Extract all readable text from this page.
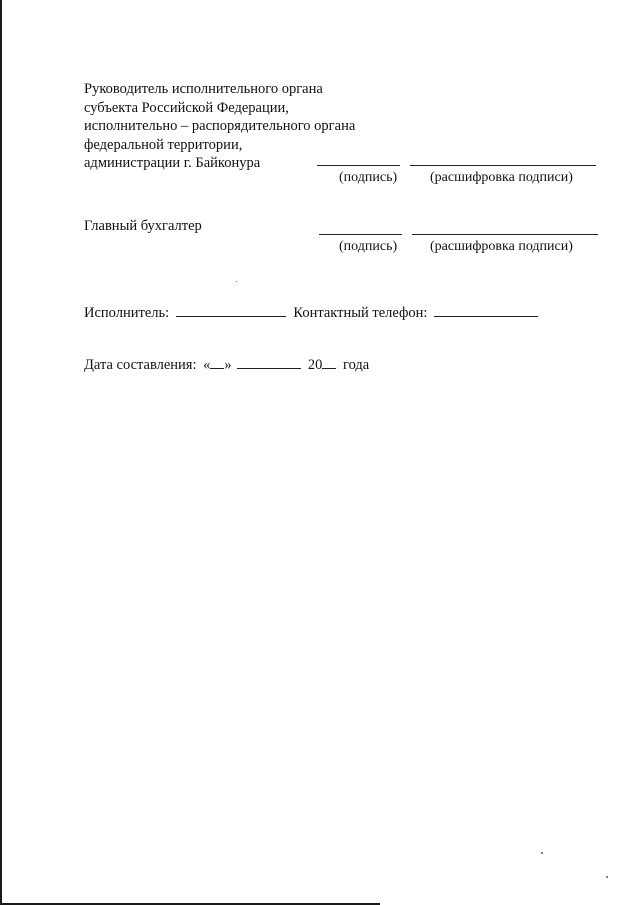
Руководитель исполнительного органа
субъекта Российской Федерации,
исполнительно – распорядительного органа
федеральной территории,
администрации г. Байконура
(подпись) (расшифровка подписи)
Главный бухгалтер
(подпись) (расшифровка подписи)
Исполнитель:	Контактный телефон:
Дата составления: « »	20 года
